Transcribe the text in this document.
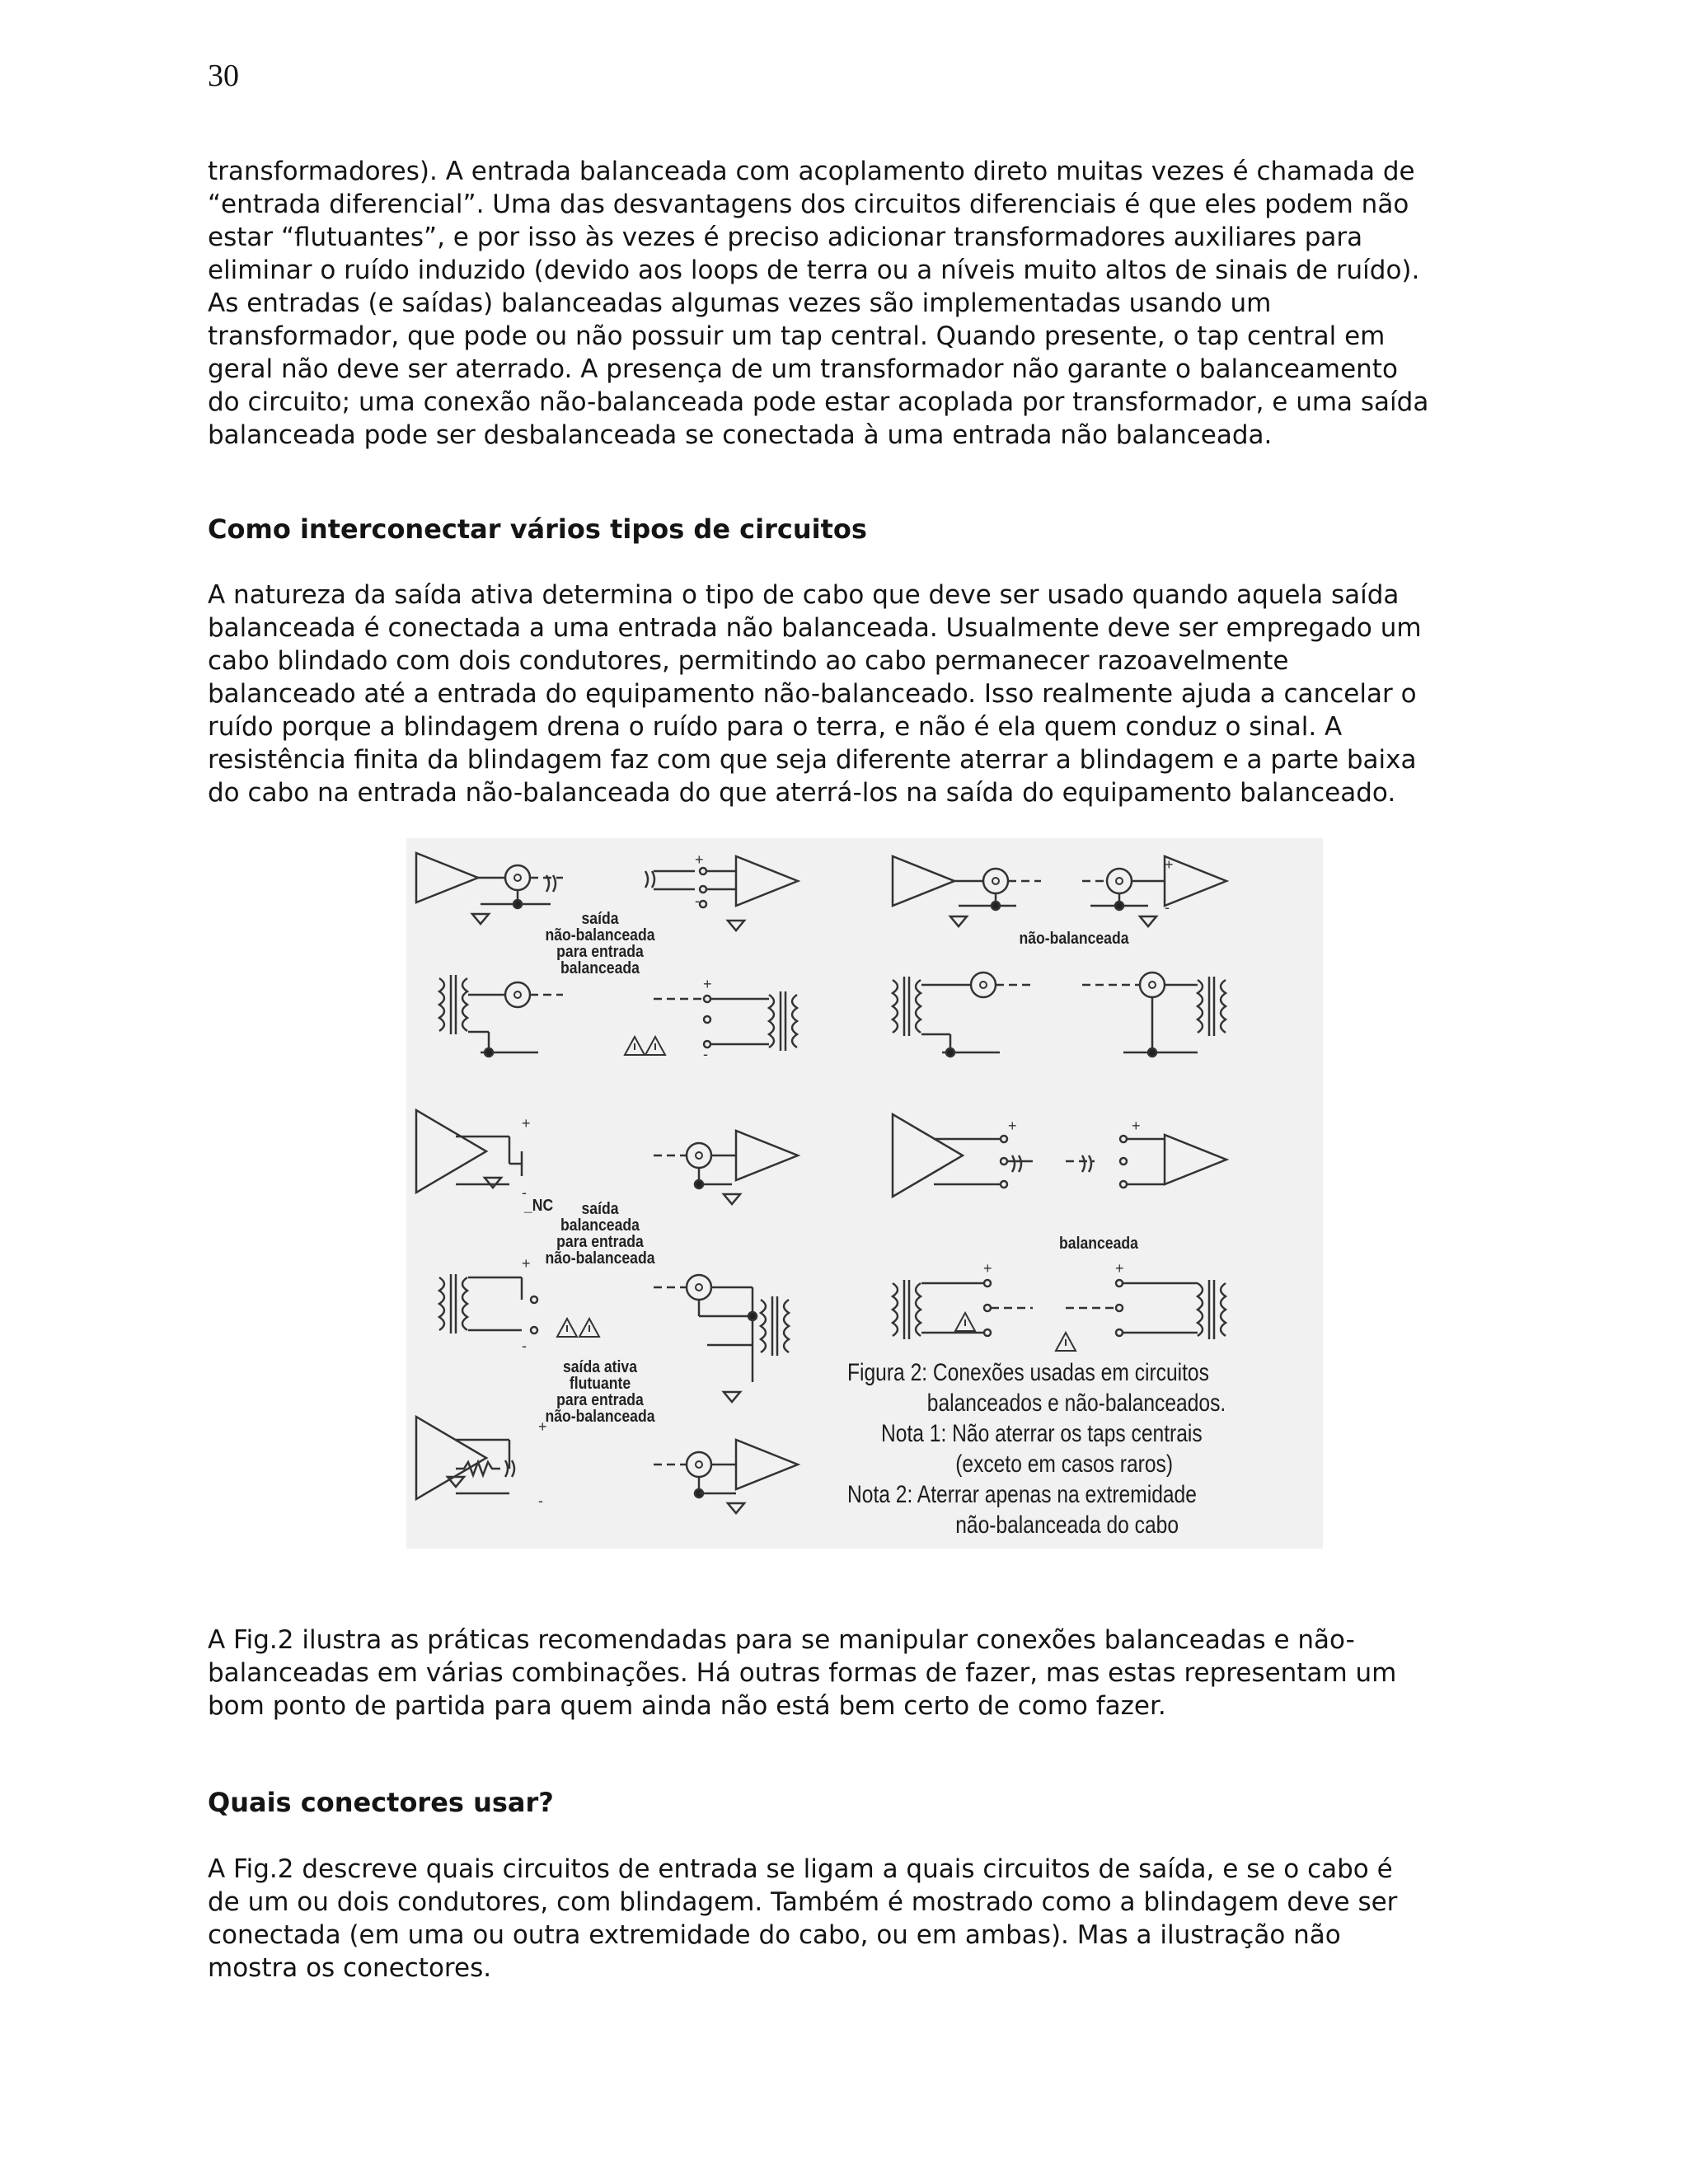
30

transformadores). A entrada balanceada com acoplamento direto muitas vezes é chamada de
“entrada diferencial”. Uma das desvantagens dos circuitos diferenciais é que eles podem não
estar “flutuantes”, e por isso às vezes é preciso adicionar transformadores auxiliares para
eliminar o ruído induzido (devido aos loops de terra ou a níveis muito altos de sinais de ruído).
As entradas (e saídas) balanceadas algumas vezes são implementadas usando um
transformador, que pode ou não possuir um tap central. Quando presente, o tap central em
geral não deve ser aterrado. A presença de um transformador não garante o balanceamento
do circuito; uma conexão não-balanceada pode estar acoplada por transformador, e uma saída
balanceada pode ser desbalanceada se conectada à uma entrada não balanceada.

Como interconectar vários tipos de circuitos

A natureza da saída ativa determina o tipo de cabo que deve ser usado quando aquela saída
balanceada é conectada a uma entrada não balanceada. Usualmente deve ser empregado um
cabo blindado com dois condutores, permitindo ao cabo permanecer razoavelmente
balanceado até a entrada do equipamento não-balanceado. Isso realmente ajuda a cancelar o
ruído porque a blindagem drena o ruído para o terra, e não é ela quem conduz o sinal. A
resistência finita da blindagem faz com que seja diferente aterrar a blindagem e a parte baixa
do cabo na entrada não-balanceada do que aterrá-los na saída do equipamento balanceado.

+
-
+
-
+
-
+
-
+	+
+
-
+	+
+
-
saída
não-balanceada
para entrada
balanceada
não-balanceada
saída
balanceada
para entrada
não-balanceada
balanceada
saída ativa
flutuante
para entrada
não-balanceada
_NC
Figura 2: Conexões usadas em circuitos
balanceados e não-balanceados.
Nota 1: Não aterrar os taps centrais
(exceto em casos raros)
Nota 2: Aterrar apenas na extremidade
não-balanceada do cabo

A Fig.2 ilustra as práticas recomendadas para se manipular conexões balanceadas e não-
balanceadas em várias combinações. Há outras formas de fazer, mas estas representam um
bom ponto de partida para quem ainda não está bem certo de como fazer.

Quais conectores usar?

A Fig.2 descreve quais circuitos de entrada se ligam a quais circuitos de saída, e se o cabo é
de um ou dois condutores, com blindagem. Também é mostrado como a blindagem deve ser
conectada (em uma ou outra extremidade do cabo, ou em ambas). Mas a ilustração não
mostra os conectores.
